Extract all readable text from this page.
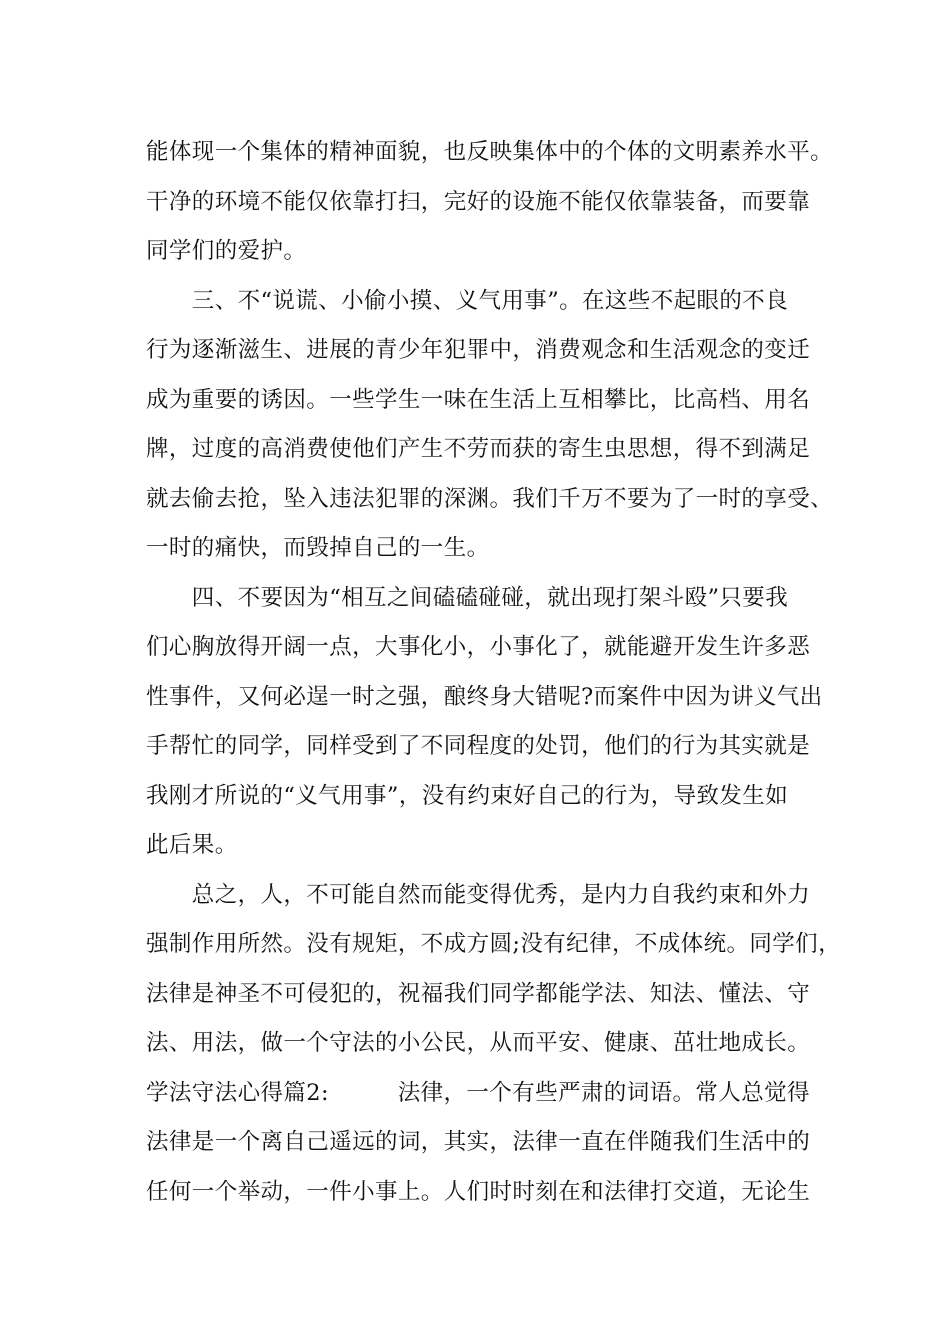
能体现一个集体的精神面貌，也反映集体中的个体的文明素养水平。
干净的环境不能仅依靠打扫，完好的设施不能仅依靠装备，而要靠
同学们的爱护。
　　三、不“说谎、小偷小摸、义气用事”。在这些不起眼的不良
行为逐渐滋生、进展的青少年犯罪中，消费观念和生活观念的变迁
成为重要的诱因。一些学生一味在生活上互相攀比，比高档、用名
牌，过度的高消费使他们产生不劳而获的寄生虫思想，得不到满足
就去偷去抢，坠入违法犯罪的深渊。我们千万不要为了一时的享受、
一时的痛快，而毁掉自己的一生。
　　四、不要因为“相互之间磕磕碰碰，就出现打架斗殴”只要我
们心胸放得开阔一点，大事化小，小事化了，就能避开发生许多恶
性事件，又何必逞一时之强，酿终身大错呢?而案件中因为讲义气出
手帮忙的同学，同样受到了不同程度的处罚，他们的行为其实就是
我刚才所说的“义气用事”，没有约束好自己的行为，导致发生如
此后果。
　　总之，人，不可能自然而能变得优秀，是内力自我约束和外力
强制作用所然。没有规矩，不成方圆;没有纪律，不成体统。同学们，
法律是神圣不可侵犯的，祝福我们同学都能学法、知法、懂法、守
法、用法，做一个守法的小公民，从而平安、健康、茁壮地成长。
学法守法心得篇2:　　　法律，一个有些严肃的词语。常人总觉得
法律是一个离自己遥远的词，其实，法律一直在伴随我们生活中的
任何一个举动，一件小事上。人们时时刻在和法律打交道，无论生
